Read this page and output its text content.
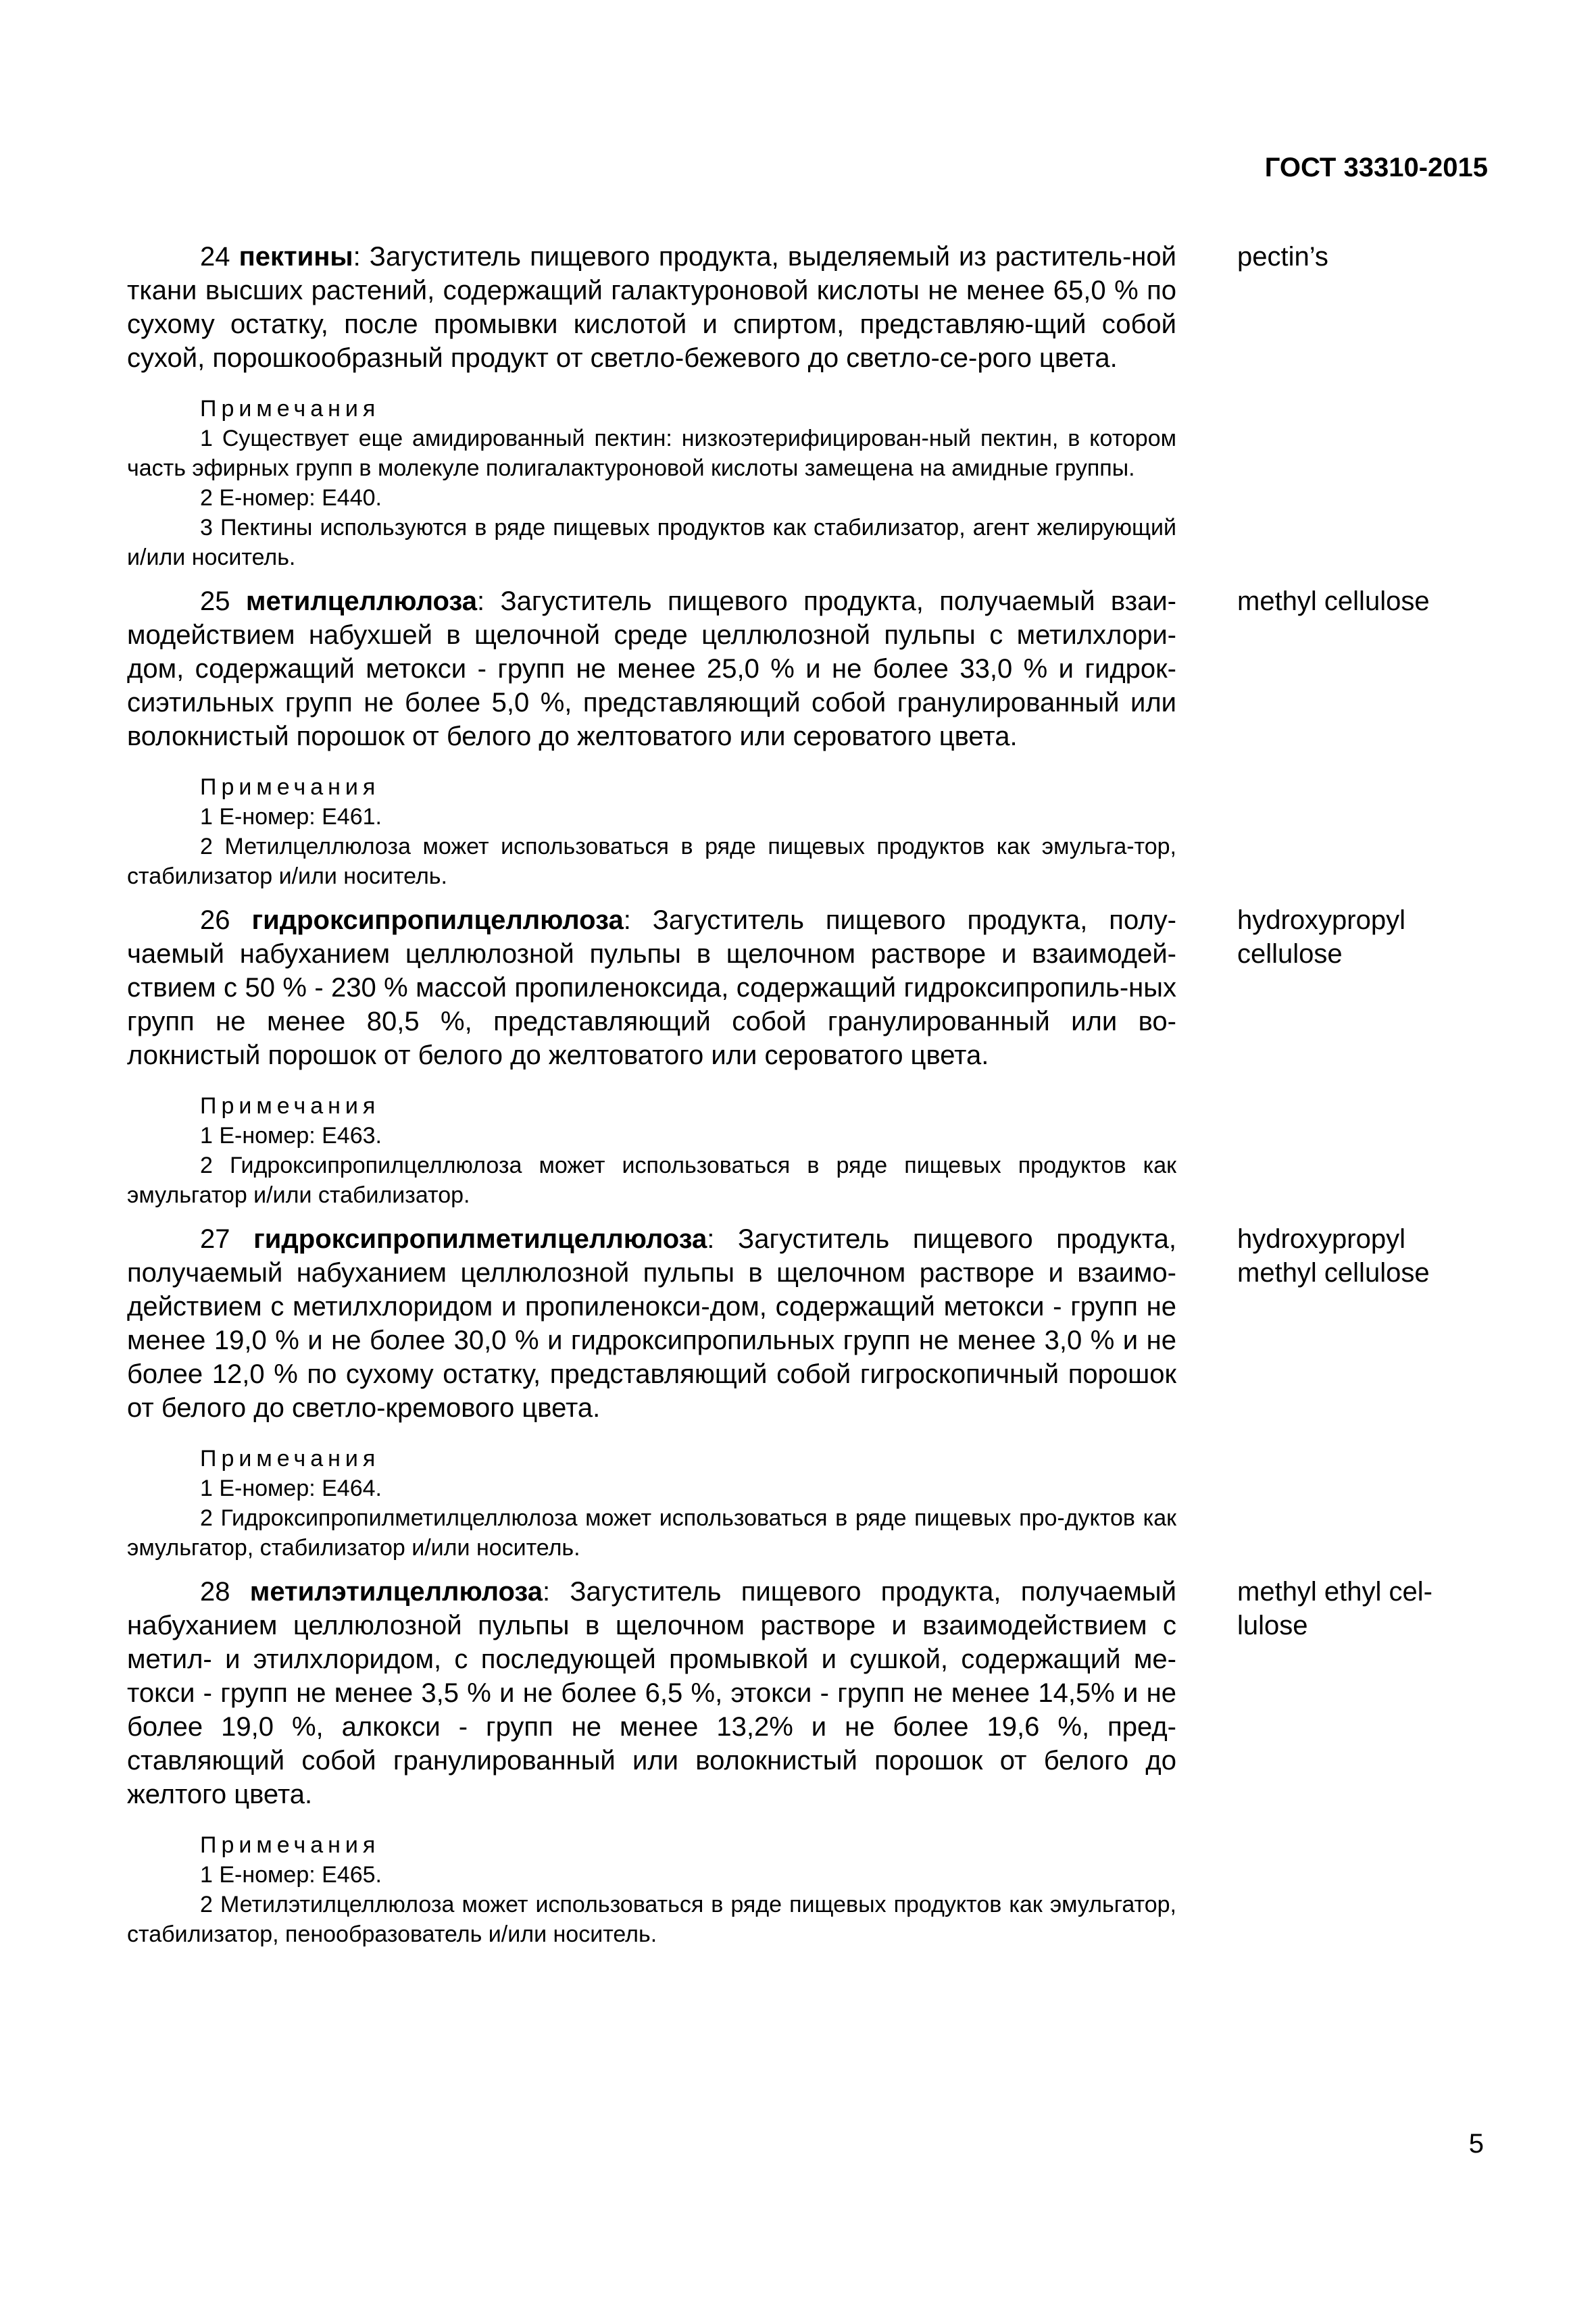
ГОСТ 33310-2015

24 пектины: Загуститель пищевого продукта, выделяемый из раститель-ной ткани высших растений, содержащий галактуроновой кислоты не менее 65,0 % по сухому остатку, после промывки кислотой и спиртом, представляю-щий собой сухой, порошкообразный продукт от светло-бежевого до светло-се-рого цвета.

Примечания

1 Существует еще амидированный пектин: низкоэтерифицирован-ный пектин, в котором часть эфирных групп в молекуле полигалактуроновой кислоты замещена на амидные группы.

2 Е-номер: Е440.

3 Пектины используются в ряде пищевых продуктов как стабилизатор, агент желирующий и/или носитель.

pectin’s

25 метилцеллюлоза: Загуститель пищевого продукта, получаемый взаи-модействием набухшей в щелочной среде целлюлозной пульпы с метилхлори-дом, содержащий метокси - групп не менее 25,0 % и не более 33,0 % и гидрок-сиэтильных групп не более 5,0 %, представляющий собой гранулированный или волокнистый порошок от белого до желтоватого или сероватого цвета.

Примечания

1 Е-номер: Е461.

2 Метилцеллюлоза может использоваться в ряде пищевых продуктов как эмульга-тор, стабилизатор и/или носитель.

methyl cellulose

26 гидроксипропилцеллюлоза: Загуститель пищевого продукта, полу-чаемый набуханием целлюлозной пульпы в щелочном растворе и взаимодей-ствием с 50 % - 230 % массой пропиленоксида, содержащий гидроксипропиль-ных групп не менее 80,5 %, представляющий собой гранулированный или во-локнистый порошок от белого до желтоватого или сероватого цвета.

Примечания

1 Е-номер: Е463.

2 Гидроксипропилцеллюлоза может использоваться в ряде пищевых продуктов как эмульгатор и/или стабилизатор.

hydroxypropyl cellulose

27 гидроксипропилметилцеллюлоза: Загуститель пищевого продукта, получаемый набуханием целлюлозной пульпы в щелочном растворе и взаимо-действием с метилхлоридом и пропиленокси-дом, содержащий метокси - групп не менее 19,0 % и не более 30,0 % и гидроксипропильных групп не менее 3,0 % и не более 12,0 % по сухому остатку, представляющий собой гигроскопичный порошок от белого до светло-кремового цвета.

Примечания

1 Е-номер: Е464.

2 Гидроксипропилметилцеллюлоза может использоваться в ряде пищевых про-дуктов как эмульгатор, стабилизатор и/или носитель.

hydroxypropyl methyl cellulose

28 метилэтилцеллюлоза: Загуститель пищевого продукта, получаемый набуханием целлюлозной пульпы в щелочном растворе и взаимодействием с метил- и этилхлоридом, с последующей промывкой и сушкой, содержащий ме-токси - групп не менее 3,5 % и не более 6,5 %, этокси - групп не менее 14,5% и не более 19,0 %, алкокси - групп не менее 13,2% и не более 19,6 %, пред-ставляющий собой гранулированный или волокнистый порошок от белого до желтого цвета.

Примечания

1 Е-номер: Е465.

2 Метилэтилцеллюлоза может использоваться в ряде пищевых продуктов как эмульгатор, стабилизатор, пенообразователь и/или носитель.

methyl ethyl cel-lulose
5
